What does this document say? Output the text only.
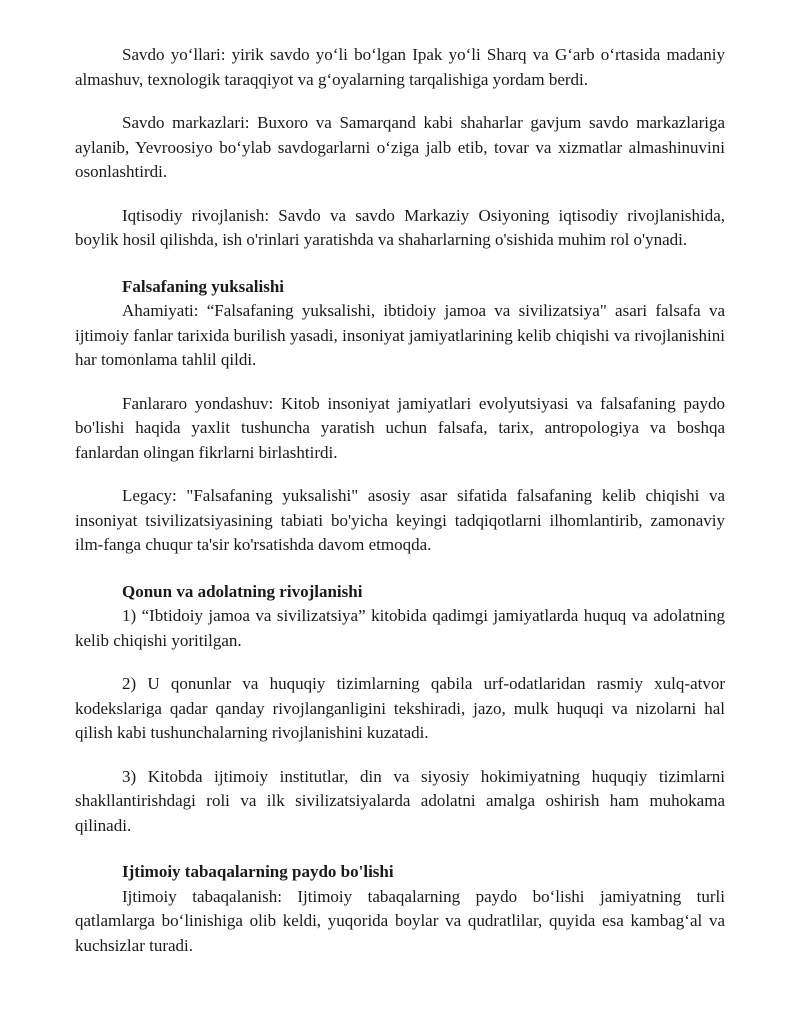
Savdo yo‘llari: yirik savdo yo‘li bo‘lgan Ipak yo‘li Sharq va G‘arb o‘rtasida madaniy almashuv, texnologik taraqqiyot va g‘oyalarning tarqalishiga yordam berdi.

Savdo markazlari: Buxoro va Samarqand kabi shaharlar gavjum savdo markazlariga aylanib, Yevroosiyo bo‘ylab savdogarlarni o‘ziga jalb etib, tovar va xizmatlar almashinuvini osonlashtirdi.

Iqtisodiy rivojlanish: Savdo va savdo Markaziy Osiyoning iqtisodiy rivojlanishida, boylik hosil qilishda, ish o'rinlari yaratishda va shaharlarning o'sishida muhim rol o'ynadi.

Falsafaning yuksalishi

Ahamiyati: “Falsafaning yuksalishi, ibtidoiy jamoa va sivilizatsiya" asari falsafa va ijtimoiy fanlar tarixida burilish yasadi, insoniyat jamiyatlarining kelib chiqishi va rivojlanishini har tomonlama tahlil qildi.

Fanlararo yondashuv: Kitob insoniyat jamiyatlari evolyutsiyasi va falsafaning paydo bo'lishi haqida yaxlit tushuncha yaratish uchun falsafa, tarix, antropologiya va boshqa fanlardan olingan fikrlarni birlashtirdi.

Legacy: "Falsafaning yuksalishi" asosiy asar sifatida falsafaning kelib chiqishi va insoniyat tsivilizatsiyasining tabiati bo'yicha keyingi tadqiqotlarni ilhomlantirib, zamonaviy ilm-fanga chuqur ta'sir ko'rsatishda davom etmoqda.

Qonun va adolatning rivojlanishi

1) “Ibtidoiy jamoa va sivilizatsiya” kitobida qadimgi jamiyatlarda huquq va adolatning kelib chiqishi yoritilgan.

2) U qonunlar va huquqiy tizimlarning qabila urf-odatlaridan rasmiy xulq-atvor kodekslariga qadar qanday rivojlanganligini tekshiradi, jazo, mulk huquqi va nizolarni hal qilish kabi tushunchalarning rivojlanishini kuzatadi.

3) Kitobda ijtimoiy institutlar, din va siyosiy hokimiyatning huquqiy tizimlarni shakllantirishdagi roli va ilk sivilizatsiyalarda adolatni amalga oshirish ham muhokama qilinadi.

Ijtimoiy tabaqalarning paydo bo'lishi

Ijtimoiy tabaqalanish: Ijtimoiy tabaqalarning paydo bo‘lishi jamiyatning turli qatlamlarga bo‘linishiga olib keldi, yuqorida boylar va qudratlilar, quyida esa kambag‘al va kuchsizlar turadi.
